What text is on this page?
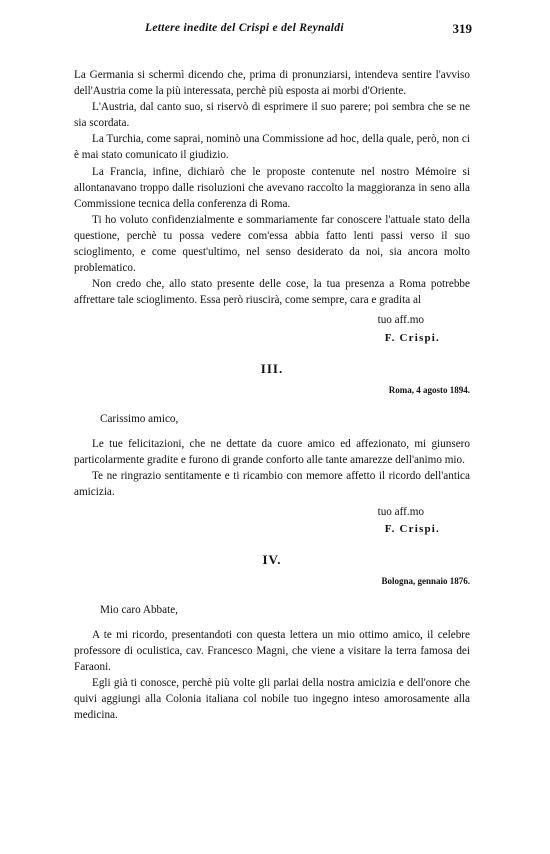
Lettere inedite del Crispi e del Reynaldi	319

La Germania si schermì dicendo che, prima di pronunziarsi, intendeva sentire l'avviso dell'Austria come la più interessata, perchè più esposta ai morbi d'Oriente.

L'Austria, dal canto suo, si riservò di esprimere il suo parere; poi sembra che se ne sia scordata.

La Turchia, come saprai, nominò una Commissione ad hoc, della quale, però, non ci è mai stato comunicato il giudizio.

La Francia, infine, dichiarò che le proposte contenute nel nostro Mémoire si allontanavano troppo dalle risoluzioni che avevano raccolto la maggioranza in seno alla Commissione tecnica della conferenza di Roma.

Ti ho voluto confidenzialmente e sommariamente far conoscere l'attuale stato della questione, perchè tu possa vedere com'essa abbia fatto lenti passi verso il suo scioglimento, e come quest'ultimo, nel senso desiderato da noi, sia ancora molto problematico.

Non credo che, allo stato presente delle cose, la tua presenza a Roma potrebbe affrettare tale scioglimento. Essa però riuscirà, come sempre, cara e gradita al

tuo aff.mo
F. Crispi.
III.
Roma, 4 agosto 1894.
Carissimo amico,

Le tue felicitazioni, che ne dettate da cuore amico ed affezionato, mi giunsero particolarmente gradite e furono di grande conforto alle tante amarezze dell'animo mio.

Te ne ringrazio sentitamente e ti ricambio con memore affetto il ricordo dell'antica amicizia.

tuo aff.mo
F. Crispi.
IV.
Bologna, gennaio 1876.
Mio caro Abbate,

A te mi ricordo, presentandoti con questa lettera un mio ottimo amico, il celebre professore di oculistica, cav. Francesco Magni, che viene a visitare la terra famosa dei Faraoni.

Egli già ti conosce, perchè più volte gli parlai della nostra amicizia e dell'onore che quivi aggiungi alla Colonia italiana col nobile tuo ingegno inteso amorosamente alla medicina.
